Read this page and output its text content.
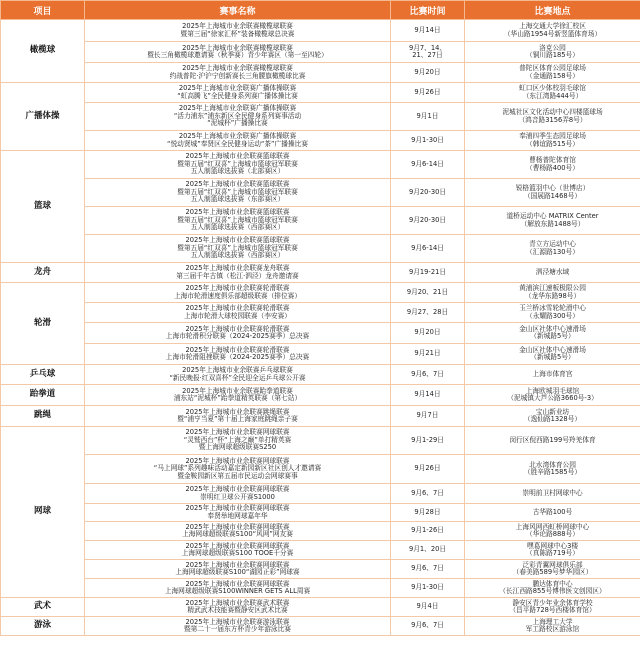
项目	赛事名称	比赛时间	比赛地点
橄榄球	2025年上海城市业余联赛橄榄球联赛
暨第三届“徐家汇杯”装备橄榄球总决赛	9月14日	上海交通大学徐汇校区
（华山路1954号新竖篮体育场）
	2025年上海城市业余联赛橄榄球联赛
暨长三角橄榄球邀请赛（秋季赛）青少年赛区（第一至四轮）	9月7、14、
21、27日	洛克公园
（铜川路185号）
	2025年上海城市业余联赛橄榄球联赛
约战普陀·沪沪宁创新赛长三角腰旗橄榄球比赛	9月20日	普陀区体育公园足球场
（金通路158号）
广播体操	2025年上海城市业余联赛广播体操联赛
“虹高腾飞”全民健身系列赛广播体操比赛	9月26日	虹口区少体校羽毛球馆
（东江湾路444号）
	2025年上海城市业余联赛广播体操联赛
“活力浦东”浦东新区全民健身系列赛事活动
“泥城杯”广播操比赛	9月1日	泥城社区文化活动中心四楼篮球场
（鸿音路3156弄8号）
	2025年上海城市业余联赛广播体操联赛
“悦动贤城”奉贤区全民健身运动“茶”广播操比赛	9月1-30日	奉浦四季生态园足球场
（韩谊路515号）
篮球	2025年上海城市业余联赛篮球联赛
暨第五届“红双喜”上海城市篮球冠军联赛
五人制篮球选拔赛（北部赛区）	9月6-14日	曹杨普陀体育馆
（曹杨路400号）
	2025年上海城市业余联赛篮球联赛
暨第五届“红双喜”上海城市篮球冠军联赛
五人制篮球选拔赛（东部赛区）	9月20-30日	锐格篮羽中心（世博店）
（国展路1468号）
	2025年上海城市业余联赛篮球联赛
暨第五届“红双喜”上海城市篮球冠军联赛
五人制篮球选拔赛（西部赛区）	9月20-30日	道桥运动中心 MATRIX Center
（解放东路1488号）
	2025年上海城市业余联赛篮球联赛
暨第五届“红双喜”上海城市篮球冠军联赛
五人制篮球选拔赛（西部赛区）	9月6-14日	青立方运动中心
（汇源路130号）
龙舟	2025年上海城市业余联赛龙舟联赛
第三届千年古镇（松江·泗泾）龙舟邀请赛	9月19-21日	泗泾塘水域
轮滑	2025年上海城市业余联赛轮滑联赛
上海市轮滑速度俱乐部超级联赛（排位赛）	9月20、21日	黄浦滨江速板极限公园
（龙华东路98号）
	2025年上海城市业余联赛轮滑联赛
上海市轮滑大球校园联赛（李安赛）	9月27、28日	玉兰桥冰雪轮轮滑中心
（永耀路300号）
	2025年上海城市业余联赛轮滑联赛
上海市轮滑积分联赛（2024-2025赛季）总决赛	9月20日	金山区社体中心速滑场
（新城路5号）
	2025年上海城市业余联赛轮滑联赛
上海市轮滑阻挫联赛（2024-2025赛季）总决赛	9月21日	金山区社体中心速滑场
（新城路5号）
乒乓球	2025年上海城市业余联赛乒乓球联赛
“新民晚报·红双喜杯”全民迎全运乒乓球公开赛	9月6、7日	上海市体育宫
跆拳道	2025年上海城市业余联赛跆拳道联赛
浦东站“泥城杯”跆拳道精英联赛（第七站）	9月14日	上海欧城羽毛球馆
（泥城镇大芦公路3660号-3）
跳绳	2025年上海城市业余联赛跳绳联赛
暨“浦亨当夏”第十届上海家庭跳绳亲子赛	9月7日	宝山新业坊
（逸仙路1328号）
网球	2025年上海城市业余联赛网球联赛
“灵鹫西台”杯“上海之巅”单打精英赛
暨上海网球超级联赛S250	9月1-29日	闵行区倪西路199号羚羌体育
	2025年上海城市业余联赛网球联赛
“马上网球”系列趣味活动嘉定新园新区社区创人才邀请赛
暨金鞍园新区第五届市民运动会网球赛事	9月26日	北水湾体育公园
（胜辛路1585号）
	2025年上海城市业余联赛网球联赛
崇明红卫球公开赛S1000	9月6、7日	崇明前卫村网球中心
	2025年上海城市业余联赛网球联赛
奉贤举地网球嘉年华	9月28日	古华路100号
	2025年上海城市业余联赛网球联赛
上海网球超级联赛S100“风网”网友赛	9月1-26日	上海风网西虹桥网球中心
（华论路888号）
	2025年上海城市业余联赛网球联赛
上海网球超级联赛S100 TOOE千分赛	9月1、20日	嘿葛网球中心3楼
（真陈路719号）
	2025年上海城市业余联赛网球联赛
上海网球超级联赛S100“湖园正彩”网球赛	9月6、7日	泛彩青翼网球俱乐部
（春美路589号梦华园区）
	2025年上海城市业余联赛网球联赛
上海网球超级联赛S100WINNER GETS ALL周赛	9月1-30日	鹏达体育中心
（长江西路855号博伟医文创园区）
武术	2025年上海城市业余联赛武术联赛
精武武术技能赛暨静安区武术比赛	9月4日	静安区青少年业余体育学校
（昌平路728号西楼体育馆）
游泳	2025年上海城市业余联赛游泳联赛
暨第二十一届东方杯青少年游泳比赛	9月6、7日	上海理工大学
军工路校区游泳馆
